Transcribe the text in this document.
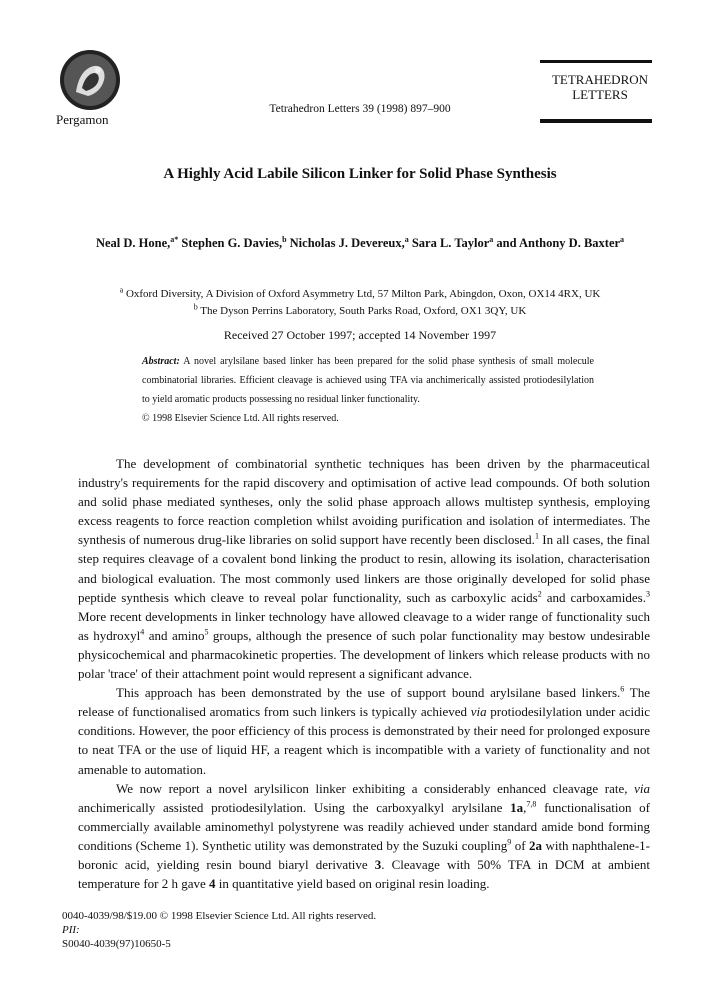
Pergamon
Tetrahedron Letters 39 (1998) 897–900
TETRAHEDRON
LETTERS
A Highly Acid Labile Silicon Linker for Solid Phase Synthesis
Neal D. Hone,$^{a*}$ Stephen G. Davies,$^b$ Nicholas J. Devereux,$^a$ Sara L. Taylor$^a$ and Anthony D. Baxter$^a$
$^a$ Oxford Diversity, A Division of Oxford Asymmetry Ltd, 57 Milton Park, Abingdon, Oxon, OX14 4RX, UK
$^b$ The Dyson Perrins Laboratory, South Parks Road, Oxford, OX1 3QY, UK
Received 27 October 1997; accepted 14 November 1997
Abstract: A novel arylsilane based linker has been prepared for the solid phase synthesis of small molecule combinatorial libraries. Efficient cleavage is achieved using TFA via anchimerically assisted protiodesilylation to yield aromatic products possessing no residual linker functionality.
© 1998 Elsevier Science Ltd. All rights reserved.

The development of combinatorial synthetic techniques has been driven by the pharmaceutical industry's requirements for the rapid discovery and optimisation of active lead compounds. Of both solution and solid phase mediated syntheses, only the solid phase approach allows multistep synthesis, employing excess reagents to force reaction completion whilst avoiding purification and isolation of intermediates. The synthesis of numerous drug-like libraries on solid support have recently been disclosed.$^1$ In all cases, the final step requires cleavage of a covalent bond linking the product to resin, allowing its isolation, characterisation and biological evaluation. The most commonly used linkers are those originally developed for solid phase peptide synthesis which cleave to reveal polar functionality, such as carboxylic acids$^2$ and carboxamides.$^3$ More recent developments in linker technology have allowed cleavage to a wider range of functionality such as hydroxyl$^4$ and amino$^5$ groups, although the presence of such polar functionality may bestow undesirable physicochemical and pharmacokinetic properties. The development of linkers which release products with no polar 'trace' of their attachment point would represent a significant advance.

This approach has been demonstrated by the use of support bound arylsilane based linkers.$^6$ The release of functionalised aromatics from such linkers is typically achieved via protiodesilylation under acidic conditions. However, the poor efficiency of this process is demonstrated by their need for prolonged exposure to neat TFA or the use of liquid HF, a reagent which is incompatible with a variety of functionality and not amenable to automation.

We now report a novel arylsilicon linker exhibiting a considerably enhanced cleavage rate, via anchimerically assisted protiodesilylation. Using the carboxyalkyl arylsilane 1a,$^{7,8}$ functionalisation of commercially available aminomethyl polystyrene was readily achieved under standard amide bond forming conditions (Scheme 1). Synthetic utility was demonstrated by the Suzuki coupling$^9$ of 2a with naphthalene-1-boronic acid, yielding resin bound biaryl derivative 3. Cleavage with 50% TFA in DCM at ambient temperature for 2 h gave 4 in quantitative yield based on original resin loading.

0040-4039/98/$19.00 © 1998 Elsevier Science Ltd. All rights reserved.
PII:
S0040-4039(97)10650-5
